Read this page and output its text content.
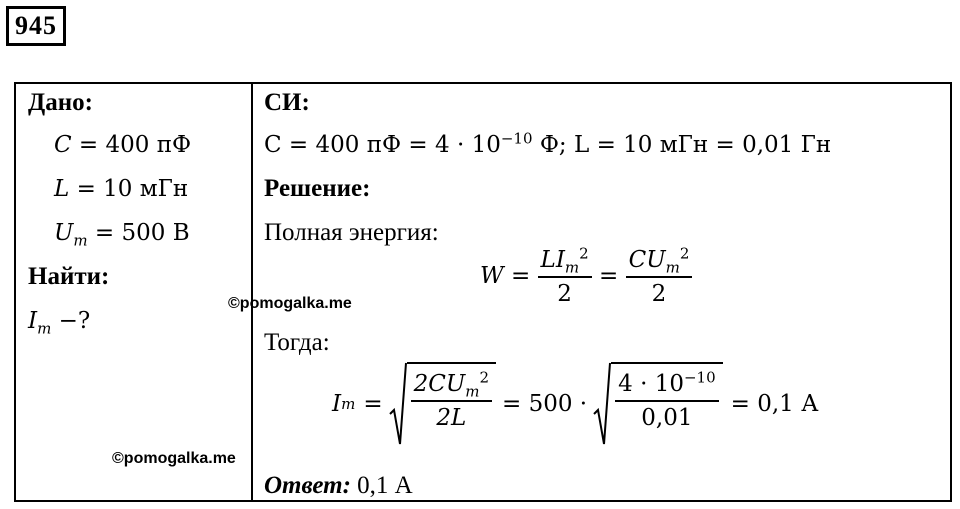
945
Дано:
C = 400 пФ
L = 10 мГн
$U_m = 500$ В
Найти:
$I_m$ −?
СИ:
C = 400 пФ = $4 \cdot 10^{-10}$ Ф; L = 10 мГн = 0,01 Гн
Решение:
Полная энергия:
$W = \frac{LI_m^2}{2} = \frac{CU_m^2}{2}$
Тогда:
I $m = \frac{2CU_m^2}{2L} = 500 \cdot \frac{4 \cdot 10^{-10}}{0,01} = 0,1$ А
Ответ: 0,1 А
©pomogalka.me
©pomogalka.me
